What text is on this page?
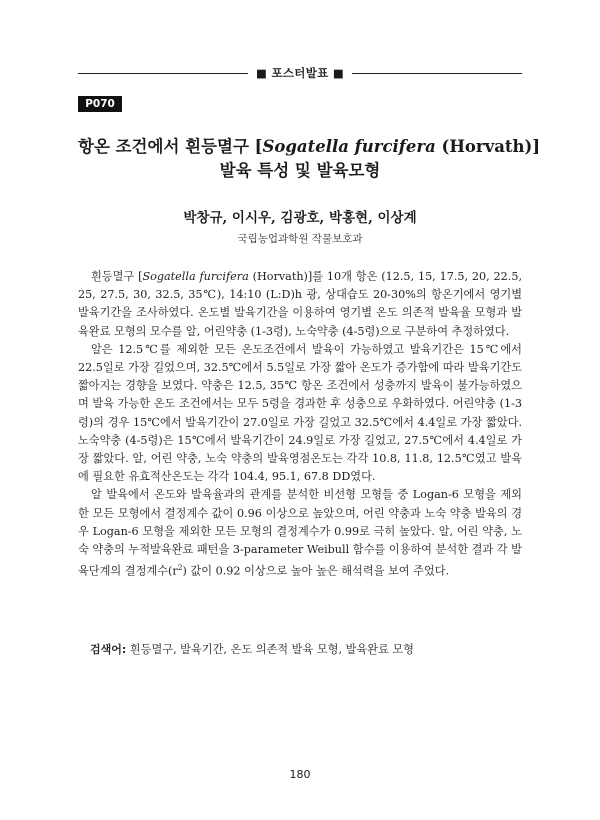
■ 포스터발표 ■
P070
항온 조건에서 흰등멸구 [Sogatella furcifera (Horvath)]
발육 특성 및 발육모형
박창규, 이시우, 김광호, 박홍현, 이상계
국립농업과학원 작물보호과

흰등멸구 [Sogatella furcifera (Horvath)]를 10개 항온 (12.5, 15, 17.5, 20, 22.5, 25, 27.5, 30, 32.5, 35℃), 14:10 (L:D)h 광, 상대습도 20-30%의 항온기에서 영기별 발육기간을 조사하였다. 온도별 발육기간을 이용하여 영기별 온도 의존적 발육율 모형과 발육완료 모형의 모수를 알, 어린약충 (1-3령), 노숙약충 (4-5령)으로 구분하여 추정하였다.

알은 12.5℃를 제외한 모든 온도조건에서 발육이 가능하였고 발육기간은 15℃에서 22.5일로 가장 길었으며, 32.5℃에서 5.5일로 가장 짧아 온도가 증가함에 따라 발육기간도 짧아지는 경향을 보였다. 약충은 12.5, 35℃ 항온 조건에서 성충까지 발육이 불가능하였으며 발육 가능한 온도 조건에서는 모두 5령을 경과한 후 성충으로 우화하였다. 어린약충 (1-3령)의 경우 15℃에서 발육기간이 27.0일로 가장 길었고 32.5℃에서 4.4일로 가장 짧았다. 노숙약충 (4-5령)은 15℃에서 발육기간이 24.9일로 가장 길었고, 27.5℃에서 4.4일로 가장 짧았다. 알, 어린 약충, 노숙 약충의 발육영점온도는 각각 10.8, 11.8, 12.5℃였고 발육에 필요한 유효적산온도는 각각 104.4, 95.1, 67.8 DD였다.

알 발육에서 온도와 발육율과의 관계를 분석한 비선형 모형들 중 Logan-6 모형을 제외한 모든 모형에서 결정계수 값이 0.96 이상으로 높았으며, 어린 약충과 노숙 약충 발육의 경우 Logan-6 모형을 제외한 모든 모형의 결정계수가 0.99로 극히 높았다. 알, 어린 약충, 노숙 약충의 누적발육완료 패턴을 3-parameter Weibull 함수를 이용하여 분석한 결과 각 발육단계의 결정계수$(r^2)$ 값이 0.92 이상으로 높아 높은 해석력을 보여 주었다.

검색어: 흰등멸구, 발육기간, 온도 의존적 발육 모형, 발육완료 모형
180
